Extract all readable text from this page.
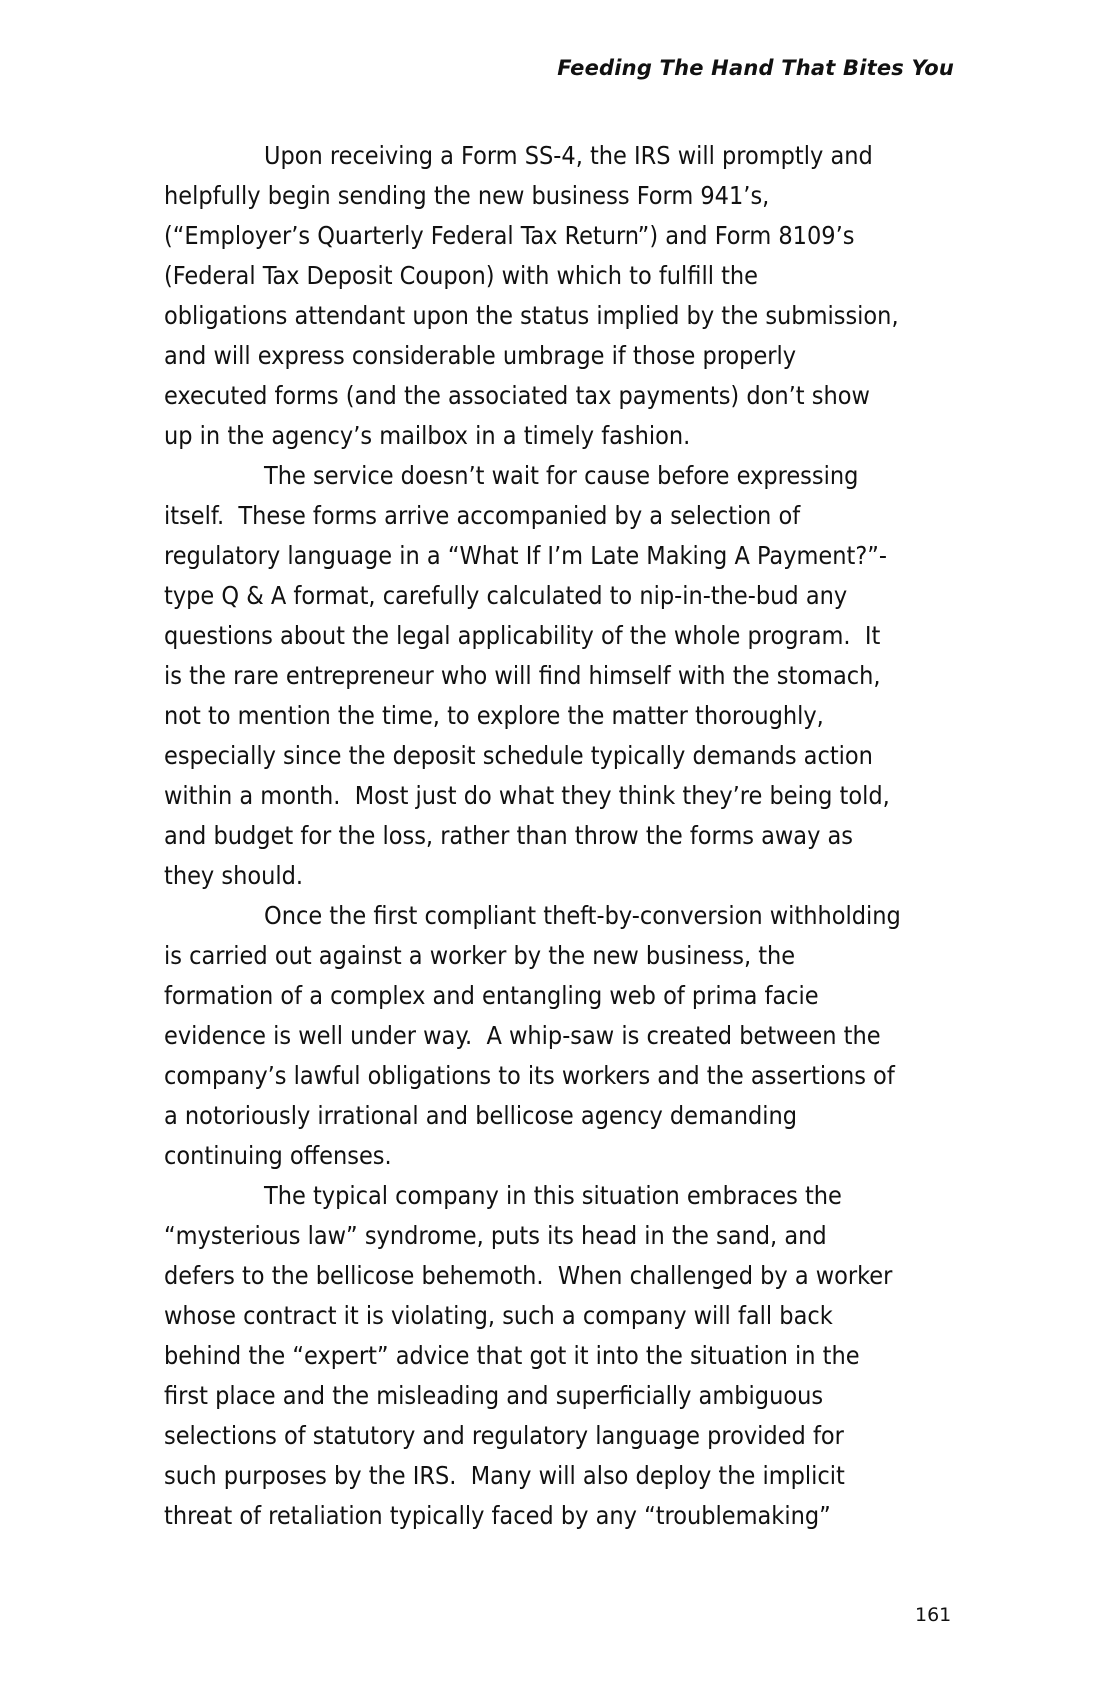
Feeding The Hand That Bites You
Upon receiving a Form SS-4, the IRS will promptly and
helpfully begin sending the new business Form 941’s,
(“Employer’s Quarterly Federal Tax Return”) and Form 8109’s
(Federal Tax Deposit Coupon) with which to fulfill the
obligations attendant upon the status implied by the submission,
and will express considerable umbrage if those properly
executed forms (and the associated tax payments) don’t show
up in the agency’s mailbox in a timely fashion.
The service doesn’t wait for cause before expressing
itself.  These forms arrive accompanied by a selection of
regulatory language in a “What If I’m Late Making A Payment?”-
type Q & A format, carefully calculated to nip-in-the-bud any
questions about the legal applicability of the whole program.  It
is the rare entrepreneur who will find himself with the stomach,
not to mention the time, to explore the matter thoroughly,
especially since the deposit schedule typically demands action
within a month.  Most just do what they think they’re being told,
and budget for the loss, rather than throw the forms away as
they should.
Once the first compliant theft-by-conversion withholding
is carried out against a worker by the new business, the
formation of a complex and entangling web of prima facie
evidence is well under way.  A whip-saw is created between the
company’s lawful obligations to its workers and the assertions of
a notoriously irrational and bellicose agency demanding
continuing offenses.
The typical company in this situation embraces the
“mysterious law” syndrome, puts its head in the sand, and
defers to the bellicose behemoth.  When challenged by a worker
whose contract it is violating, such a company will fall back
behind the “expert” advice that got it into the situation in the
first place and the misleading and superficially ambiguous
selections of statutory and regulatory language provided for
such purposes by the IRS.  Many will also deploy the implicit
threat of retaliation typically faced by any “troublemaking”
161
